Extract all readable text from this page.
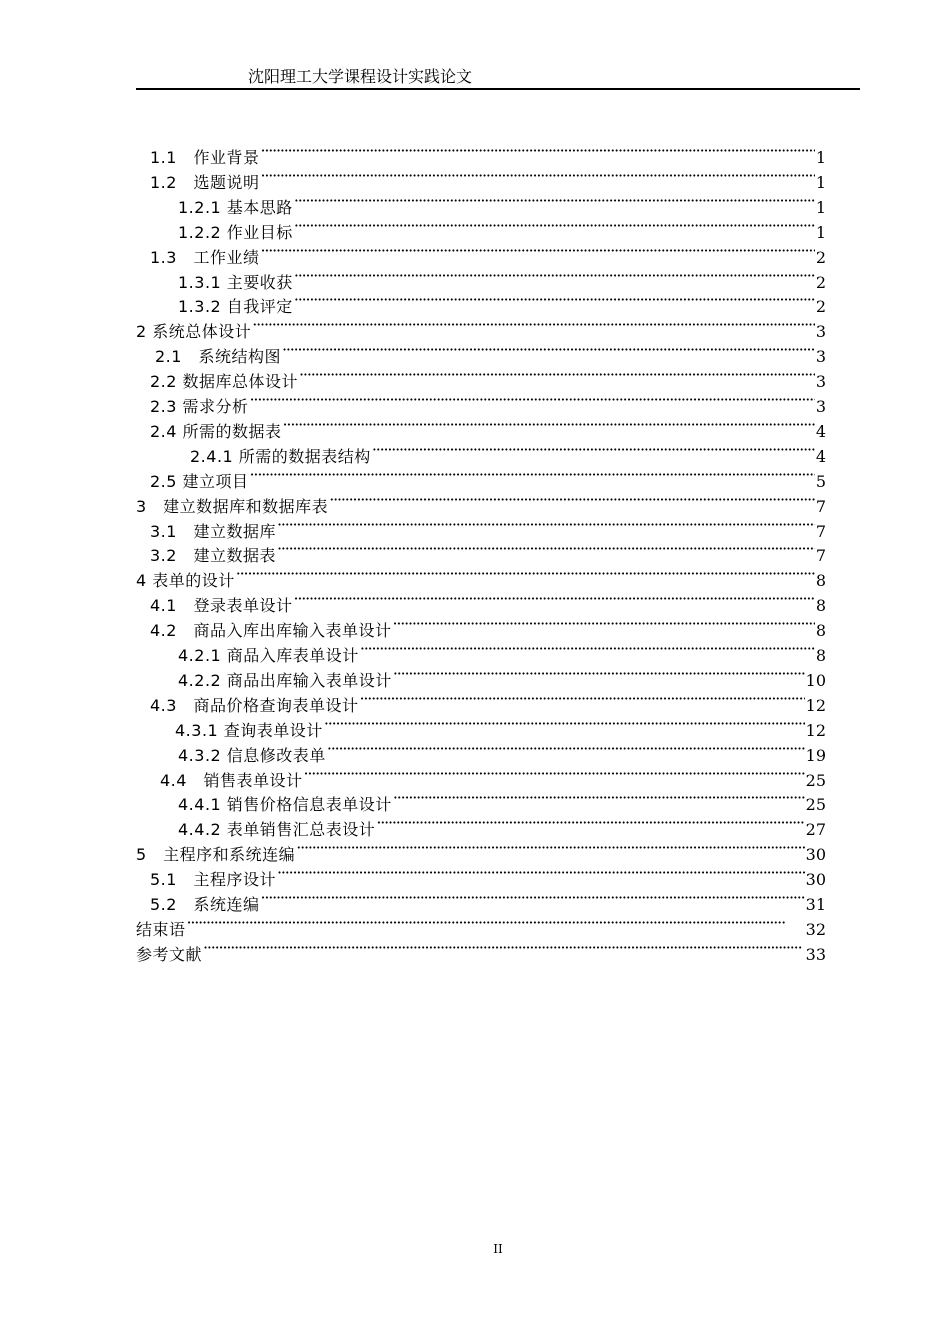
沈阳理工大学课程设计实践论文
1.1　作业背景 ·····	1
1.2　选题说明 ·····	1
1.2.1 基本思路 ·····	1
1.2.2 作业目标 ·····	1
1.3　工作业绩 ·····	2
1.3.1 主要收获 ·····	2
1.3.2 自我评定 ·····	2
2 系统总体设计 ·····	3
2.1　系统结构图 ·····	3
2.2 数据库总体设计 ·····	3
2.3 需求分析 ·····	3
2.4 所需的数据表 ·····	4
2.4.1 所需的数据表结构 ·····	4
2.5 建立项目 ·····	5
3　建立数据库和数据库表 ·····	7
3.1　建立数据库 ·····	7
3.2　建立数据表 ·····	7
4 表单的设计 ·····	8
4.1　登录表单设计 ·····	8
4.2　商品入库出库输入表单设计 ·····	8
4.2.1 商品入库表单设计 ·····	8
4.2.2 商品出库输入表单设计 ·····	10
4.3　商品价格查询表单设计 ·····	12
4.3.1 查询表单设计 ·····	12
4.3.2 信息修改表单 ·····	19
4.4　销售表单设计 ·····	25
4.4.1 销售价格信息表单设计 ·····	25
4.4.2 表单销售汇总表设计 ·····	27
5　主程序和系统连编 ·····	30
5.1　主程序设计 ·····	30
5.2　系统连编 ·····	31
结束语 ·····	32
参考文献 ·····	33
II
